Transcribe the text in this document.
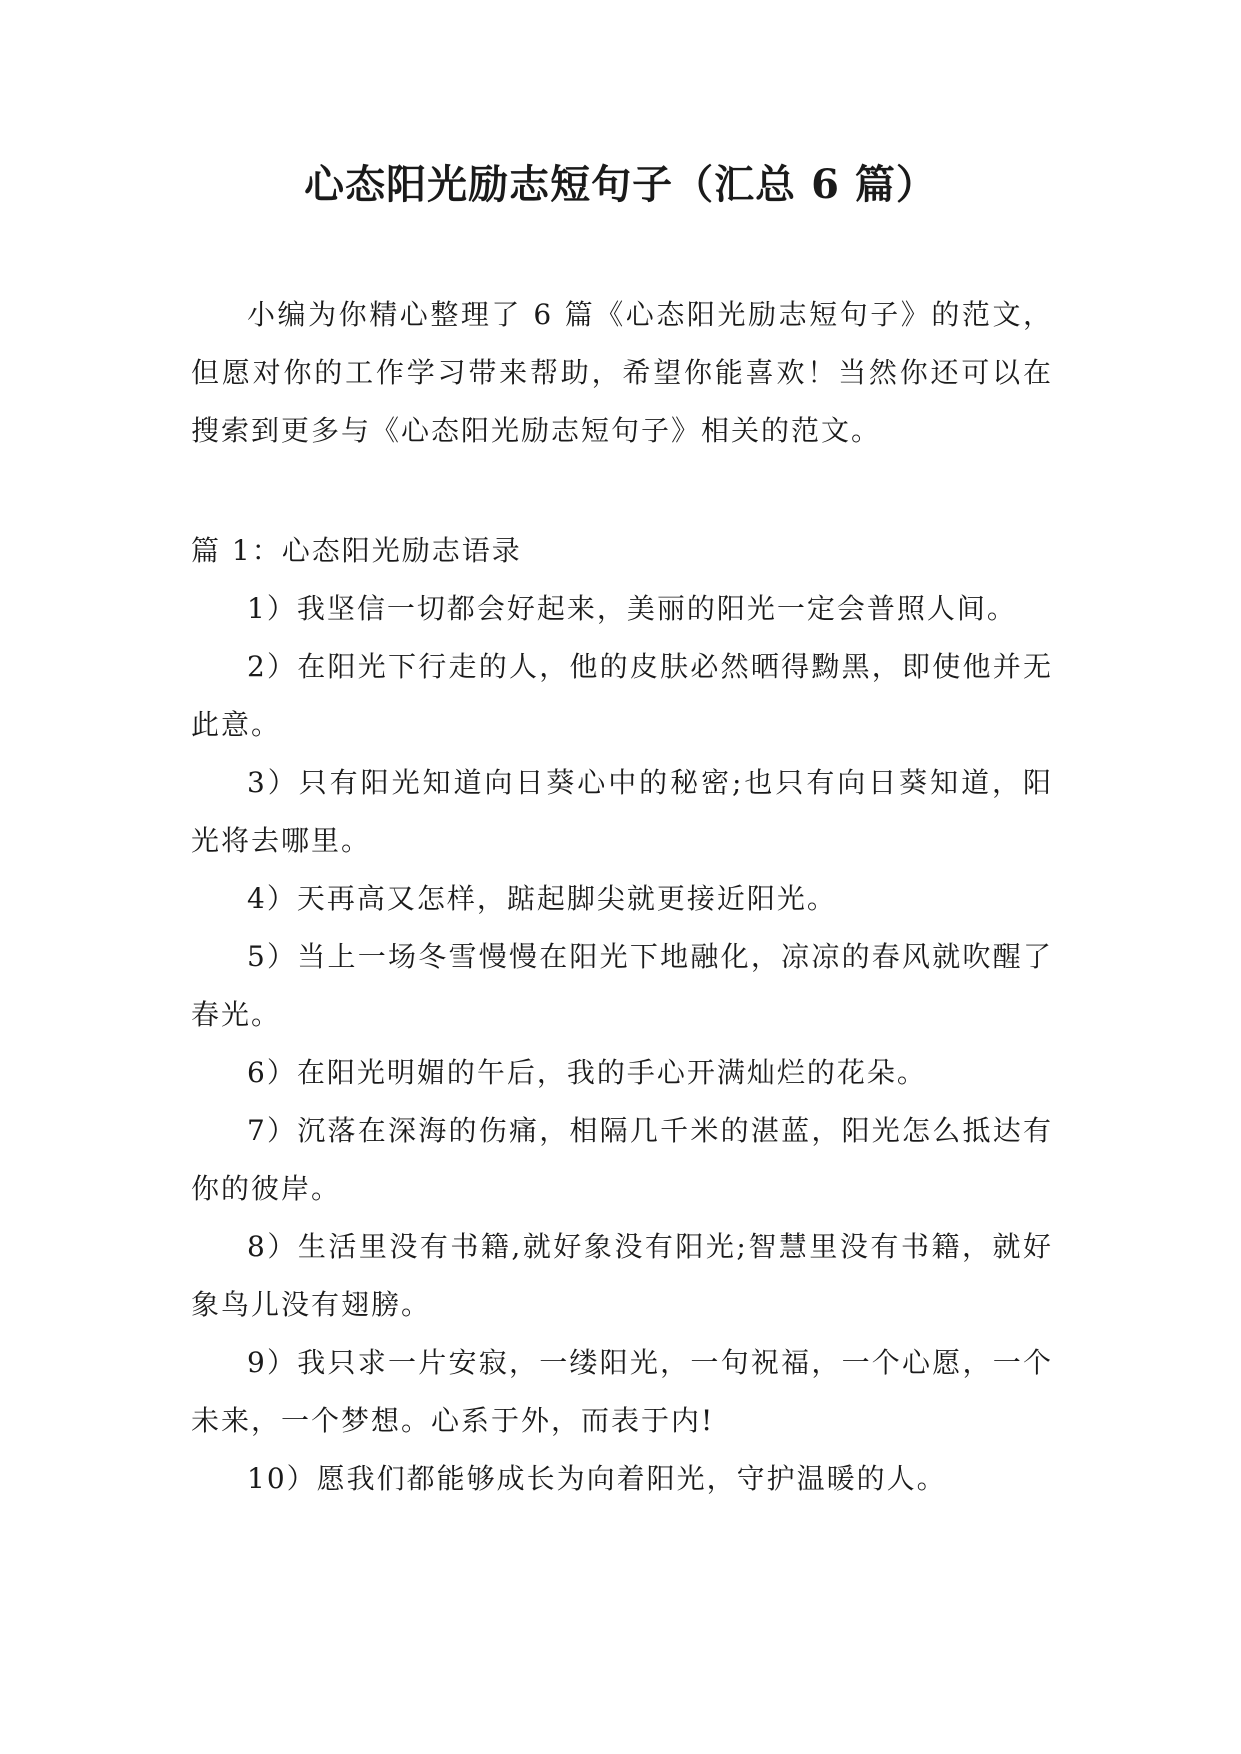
心态阳光励志短句子（汇总 6 篇）

小编为你精心整理了 6 篇《心态阳光励志短句子》的范文，但愿对你的工作学习带来帮助，希望你能喜欢！当然你还可以在搜索到更多与《心态阳光励志短句子》相关的范文。

篇 1：心态阳光励志语录

1）我坚信一切都会好起来，美丽的阳光一定会普照人间。

2）在阳光下行走的人，他的皮肤必然晒得黝黑，即使他并无此意。

3）只有阳光知道向日葵心中的秘密;也只有向日葵知道，阳光将去哪里。

4）天再高又怎样，踮起脚尖就更接近阳光。

5）当上一场冬雪慢慢在阳光下地融化，凉凉的春风就吹醒了春光。

6）在阳光明媚的午后，我的手心开满灿烂的花朵。

7）沉落在深海的伤痛，相隔几千米的湛蓝，阳光怎么抵达有你的彼岸。

8）生活里没有书籍,就好象没有阳光;智慧里没有书籍，就好象鸟儿没有翅膀。

9）我只求一片安寂，一缕阳光，一句祝福，一个心愿，一个未来，一个梦想。心系于外，而表于内!

10）愿我们都能够成长为向着阳光，守护温暖的人。
